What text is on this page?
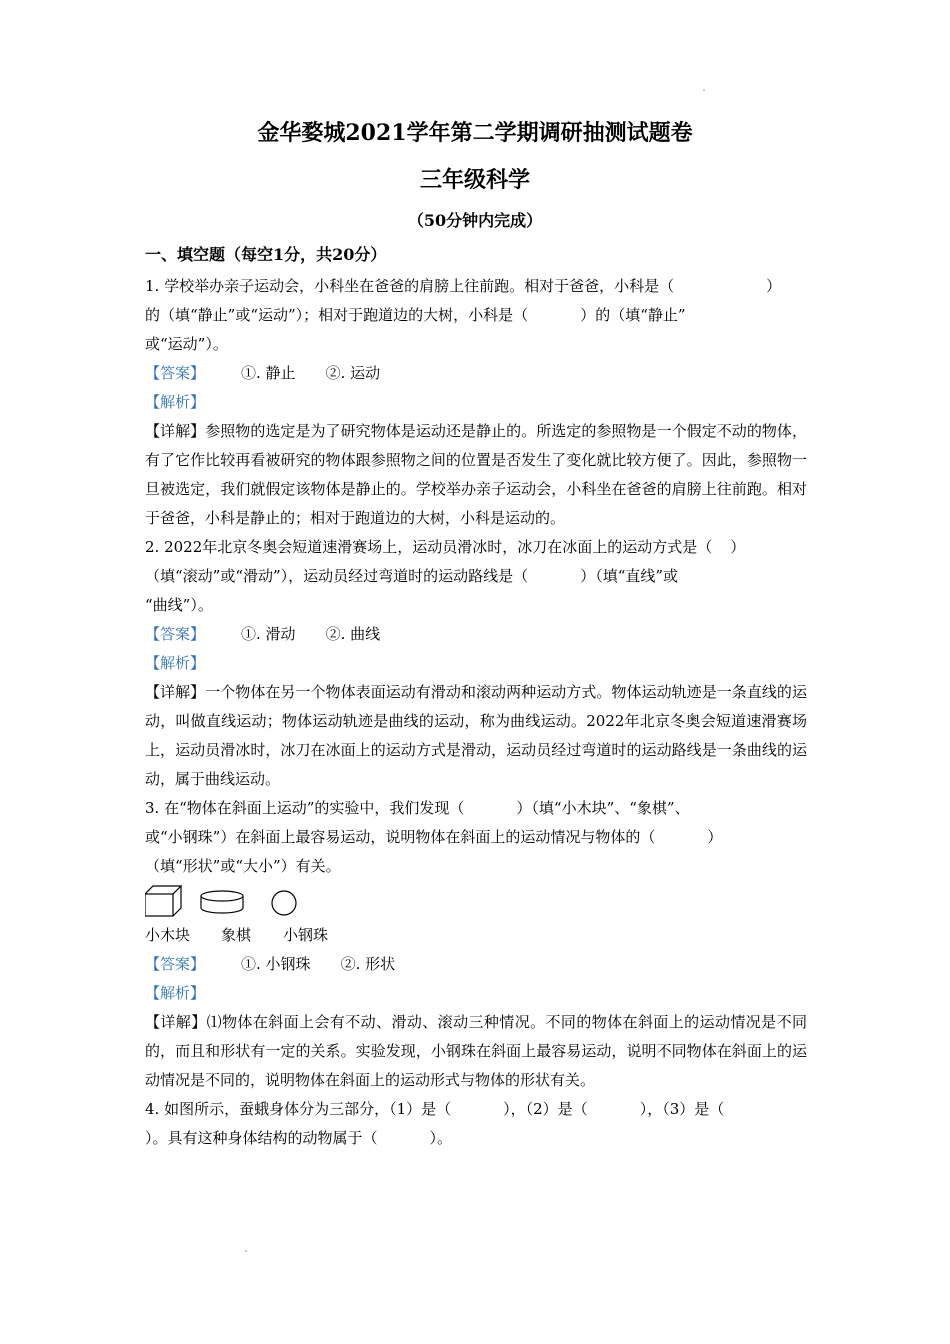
金华婺城2021学年第二学期调研抽测试题卷
三年级科学
（50分钟内完成）
一、填空题（每空1分，共20分）

1. 学校举办亲子运动会，小科坐在爸爸的肩膀上往前跑。相对于爸爸，小科是（	）
的（填“静止”或“运动”）；相对于跑道边的大树，小科是（	）的（填“静止”
或“运动”）。

【答案】 ①. 静止 ②. 运动

【解析】

【详解】参照物的选定是为了研究物体是运动还是静止的。所选定的参照物是一个假定不动的物体，有了它作比较再看被研究的物体跟参照物之间的位置是否发生了变化就比较方便了。因此，参照物一旦被选定，我们就假定该物体是静止的。学校举办亲子运动会，小科坐在爸爸的肩膀上往前跑。相对于爸爸，小科是静止的；相对于跑道边的大树，小科是运动的。

2. 2022年北京冬奥会短道速滑赛场上，运动员滑冰时，冰刀在冰面上的运动方式是（ ）
（填“滚动”或“滑动”），运动员经过弯道时的运动路线是（	）（填“直线”或
“曲线”）。

【答案】 ①. 滑动 ②. 曲线

【解析】

【详解】一个物体在另一个物体表面运动有滑动和滚动两种运动方式。物体运动轨迹是一条直线的运动，叫做直线运动；物体运动轨迹是曲线的运动，称为曲线运动。2022年北京冬奥会短道速滑赛场上，运动员滑冰时，冰刀在冰面上的运动方式是滑动，运动员经过弯道时的运动路线是一条曲线的运动，属于曲线运动。

3. 在“物体在斜面上运动”的实验中，我们发现（	）（填“小木块”、“象棋”、
或“小钢珠”）在斜面上最容易运动，说明物体在斜面上的运动情况与物体的（	）
（填“形状”或“大小”）有关。

小木块 象棋 小钢珠

【答案】 ①. 小钢珠 ②. 形状

【解析】

【详解】⑴物体在斜面上会有不动、滑动、滚动三种情况。不同的物体在斜面上的运动情况是不同的，而且和形状有一定的关系。实验发现，小钢珠在斜面上最容易运动，说明不同物体在斜面上的运动情况是不同的，说明物体在斜面上的运动形式与物体的形状有关。

4. 如图所示，蚕蛾身体分为三部分，（1）是（	），（2）是（	），（3）是（
）。具有这种身体结构的动物属于（	）。
